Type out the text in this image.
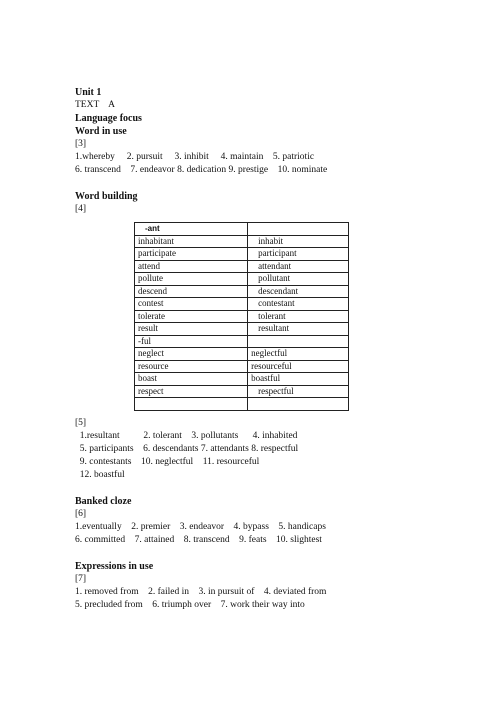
Unit 1
TEXT    A
Language focus
Word in use
[3]
1.whereby     2. pursuit     3. inhibit     4. maintain    5. patriotic
6. transcend    7. endeavor 8. dedication 9. prestige    10. nominate
Word building
[4]
-ant	
inhabitant	inhabit
participate	participant
attend	attendant
pollute	pollutant
descend	descendant
contest	contestant
tolerate	tolerant
result	resultant
-ful	
neglect	neglectful
resource	resourceful
boast	boastful
respect	respectful

[5]
1.resultant          2. tolerant    3. pollutants      4. inhabited
5. participants    6. descendants 7. attendants 8. respectful
9. contestants    10. neglectful    11. resourceful
12. boastful
Banked cloze
[6]
1.eventually    2. premier    3. endeavor    4. bypass    5. handicaps
6. committed    7. attained    8. transcend    9. feats    10. slightest
Expressions in use
[7]
1. removed from    2. failed in    3. in pursuit of    4. deviated from
5. precluded from    6. triumph over    7. work their way into
